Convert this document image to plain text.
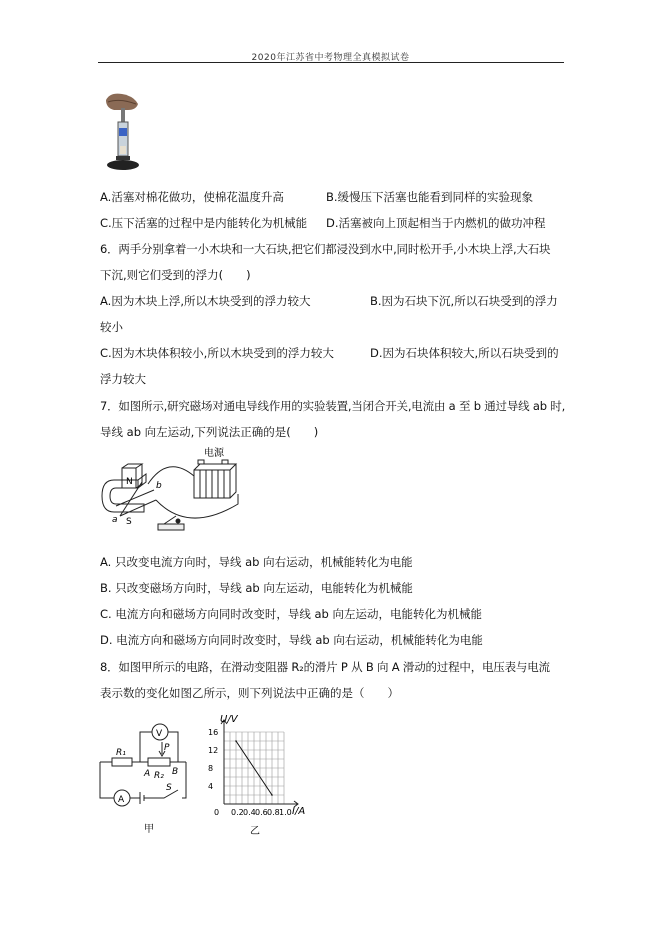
2020年江苏省中考物理全真模拟试卷
A.活塞对棉花做功，使棉花温度升高	B.缓慢压下活塞也能看到同样的实验现象
C.压下活塞的过程中是内能转化为机械能 D.活塞被向上顶起相当于内燃机的做功冲程
6．两手分别拿着一小木块和一大石块,把它们都浸没到水中,同时松开手,小木块上浮,大石块
下沉,则它们受到的浮力(　　)
A.因为木块上浮,所以木块受到的浮力较大	B.因为石块下沉,所以石块受到的浮力
较小
C.因为木块体积较小,所以木块受到的浮力较大	D.因为石块体积较大,所以石块受到的
浮力较大
7．如图所示,研究磁场对通电导线作用的实验装置,当闭合开关,电流由 a 至 b 通过导线 ab 时,
导线 ab 向左运动,下列说法正确的是(　　)
电源
N
S
a
b
A. 只改变电流方向时，导线 ab 向右运动，机械能转化为电能
B. 只改变磁场方向时，导线 ab 向左运动，电能转化为机械能
C. 电流方向和磁场方向同时改变时，导线 ab 向左运动，电能转化为机械能
D. 电流方向和磁场方向同时改变时，导线 ab 向右运动，机械能转化为电能
8．如图甲所示的电路，在滑动变阻器 R₂的滑片 P 从 B 向 A 滑动的过程中，电压表与电流
表示数的变化如图乙所示，则下列说法中正确的是（　　）
R₁
V
P
A R₂ B
A
S
甲
0 0.2 0.4 0.6 0.8 1.0
4
8
12
16
U/V
I/A
乙
